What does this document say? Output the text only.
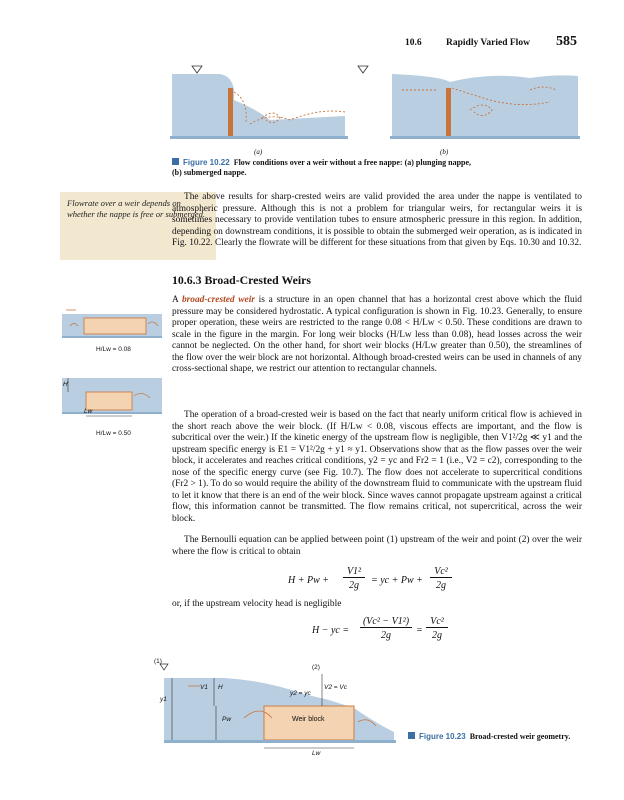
10.6	Rapidly Varied Flow 585
(a)	(b)
Figure 10.22 Flow conditions over a weir without a free nappe: (a) plunging nappe, (b) submerged nappe.

Flowrate over a weir depends on whether the nappe is free or submerged.

The above results for sharp-crested weirs are valid provided the area under the nappe is ventilated to atmospheric pressure. Although this is not a problem for triangular weirs, for rectangular weirs it is sometimes necessary to provide ventilation tubes to ensure atmospheric pressure in this region. In addition, depending on downstream conditions, it is possible to obtain the submerged weir operation, as is indicated in Fig. 10.22. Clearly the flowrate will be different for these situations from that given by Eqs. 10.30 and 10.32.

10.6.3 Broad-Crested Weirs

A broad-crested weir is a structure in an open channel that has a horizontal crest above which the fluid pressure may be considered hydrostatic. A typical configuration is shown in Fig. 10.23. Generally, to ensure proper operation, these weirs are restricted to the range 0.08 < H/Lw < 0.50. These conditions are drawn to scale in the figure in the margin. For long weir blocks (H/Lw less than 0.08), head losses across the weir cannot be neglected. On the other hand, for short weir blocks (H/Lw greater than 0.50), the streamlines of the flow over the weir block are not horizontal. Although broad-crested weirs can be used in channels of any cross-sectional shape, we restrict our attention to rectangular channels.

The operation of a broad-crested weir is based on the fact that nearly uniform critical flow is achieved in the short reach above the weir block. (If H/Lw < 0.08, viscous effects are important, and the flow is subcritical over the weir.) If the kinetic energy of the upstream flow is negligible, then V1²/2g ≪ y1 and the upstream specific energy is E1 = V1²/2g + y1 ≈ y1. Observations show that as the flow passes over the weir block, it accelerates and reaches critical conditions, y2 = yc and Fr2 = 1 (i.e., V2 = c2), corresponding to the nose of the specific energy curve (see Fig. 10.7). The flow does not accelerate to supercritical conditions (Fr2 > 1). To do so would require the ability of the downstream fluid to communicate with the upstream fluid to let it know that there is an end of the weir block. Since waves cannot propagate upstream against a critical flow, this information cannot be transmitted. The flow remains critical, not supercritical, across the weir block.

The Bernoulli equation can be applied between point (1) upstream of the weir and point (2) over the weir where the flow is critical to obtain

H + Pw +
V1²
2g	= yc + Pw +
Vc²
2g

or, if the upstream velocity head is negligible

H − yc =
(Vc² − V1²)
2g	=
Vc²
2g
H/Lw = 0.08
H
Lw
H/Lw = 0.50
(1)
(2)
V1 H
y1
y2 = yc
V2 = Vc
Pw	Weir block
Lw
Figure 10.23 Broad-crested weir geometry.
